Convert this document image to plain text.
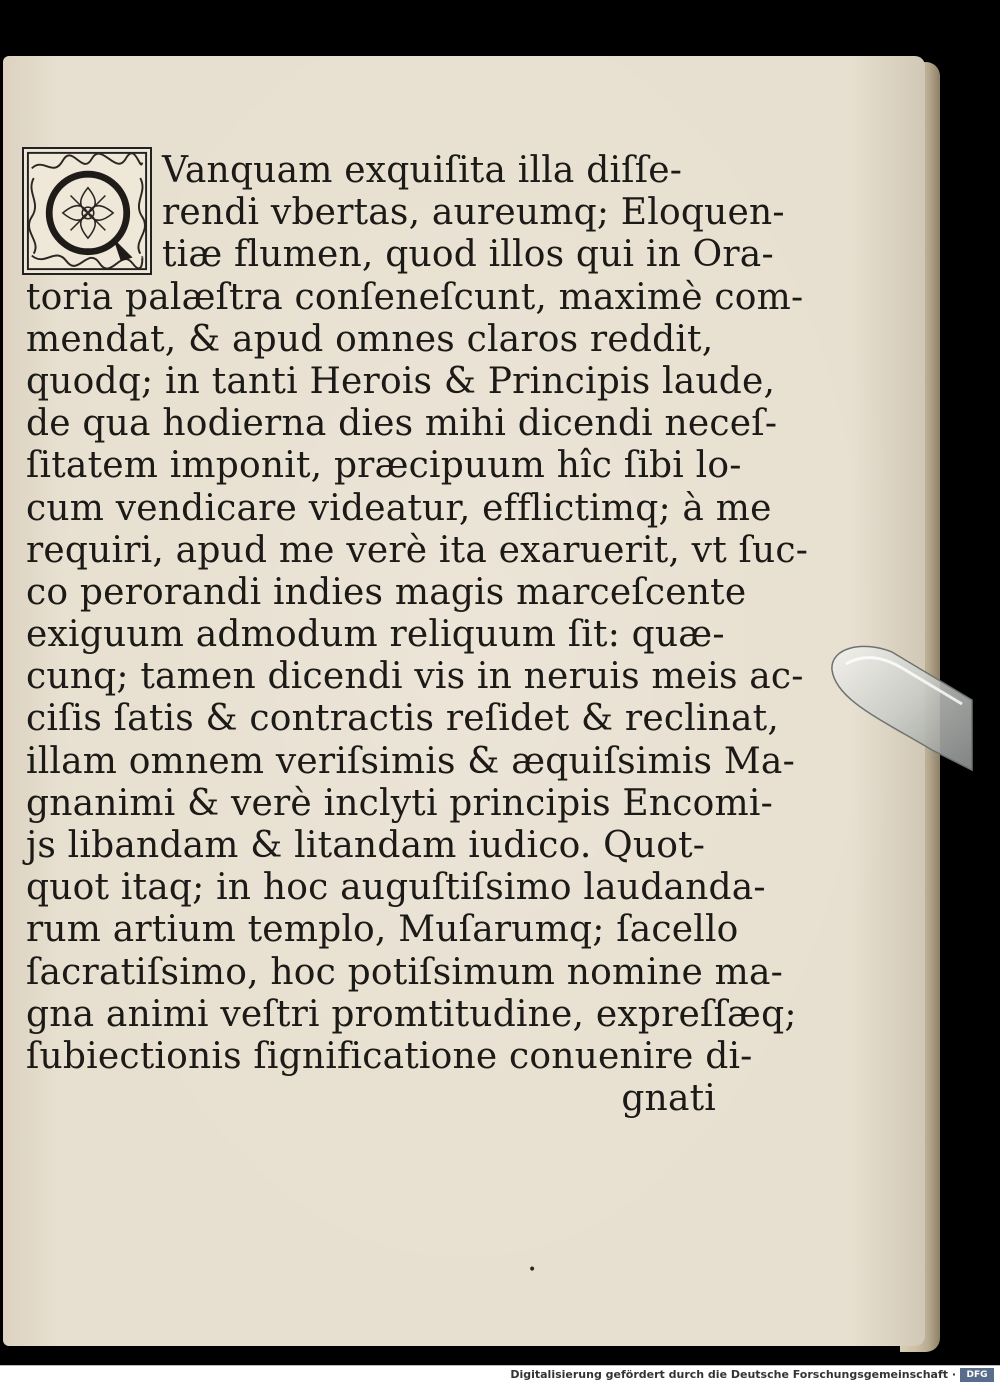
Vanquam exquiſita illa diſſe-
rendi vbertas, aureumq; Eloquen-
tiæ flumen, quod illos qui in Ora-
toria palæſtra conſeneſcunt, maximè com-
mendat, & apud omnes claros reddit,
quodq; in tanti Herois & Principis laude,
de qua hodierna dies mihi dicendi neceſ-
ſitatem imponit, præcipuum hîc ſibi lo-
cum vendicare videatur, efflictimq; à me
requiri, apud me verè ita exaruerit, vt ſuc-
co perorandi indies magis marceſcente
exiguum admodum reliquum ſit: quæ-
cunq; tamen dicendi vis in neruis meis ac-
ciſis ſatis & contractis reſidet & reclinat,
illam omnem veriſsimis & æquiſsimis Ma-
gnanimi & verè inclyti principis Encomi-
js libandam & litandam iudico. Quot-
quot itaq; in hoc auguſtiſsimo laudanda-
rum artium templo, Muſarumq; ſacello
ſacratiſsimo, hoc potiſsimum nomine ma-
gna animi veſtri promtitudine, expreſſæq;
ſubiectionis ſignificatione conuenire di-
gnati
•
Digitalisierung gefördert durch die Deutsche Forschungsgemeinschaft ·	DFG
